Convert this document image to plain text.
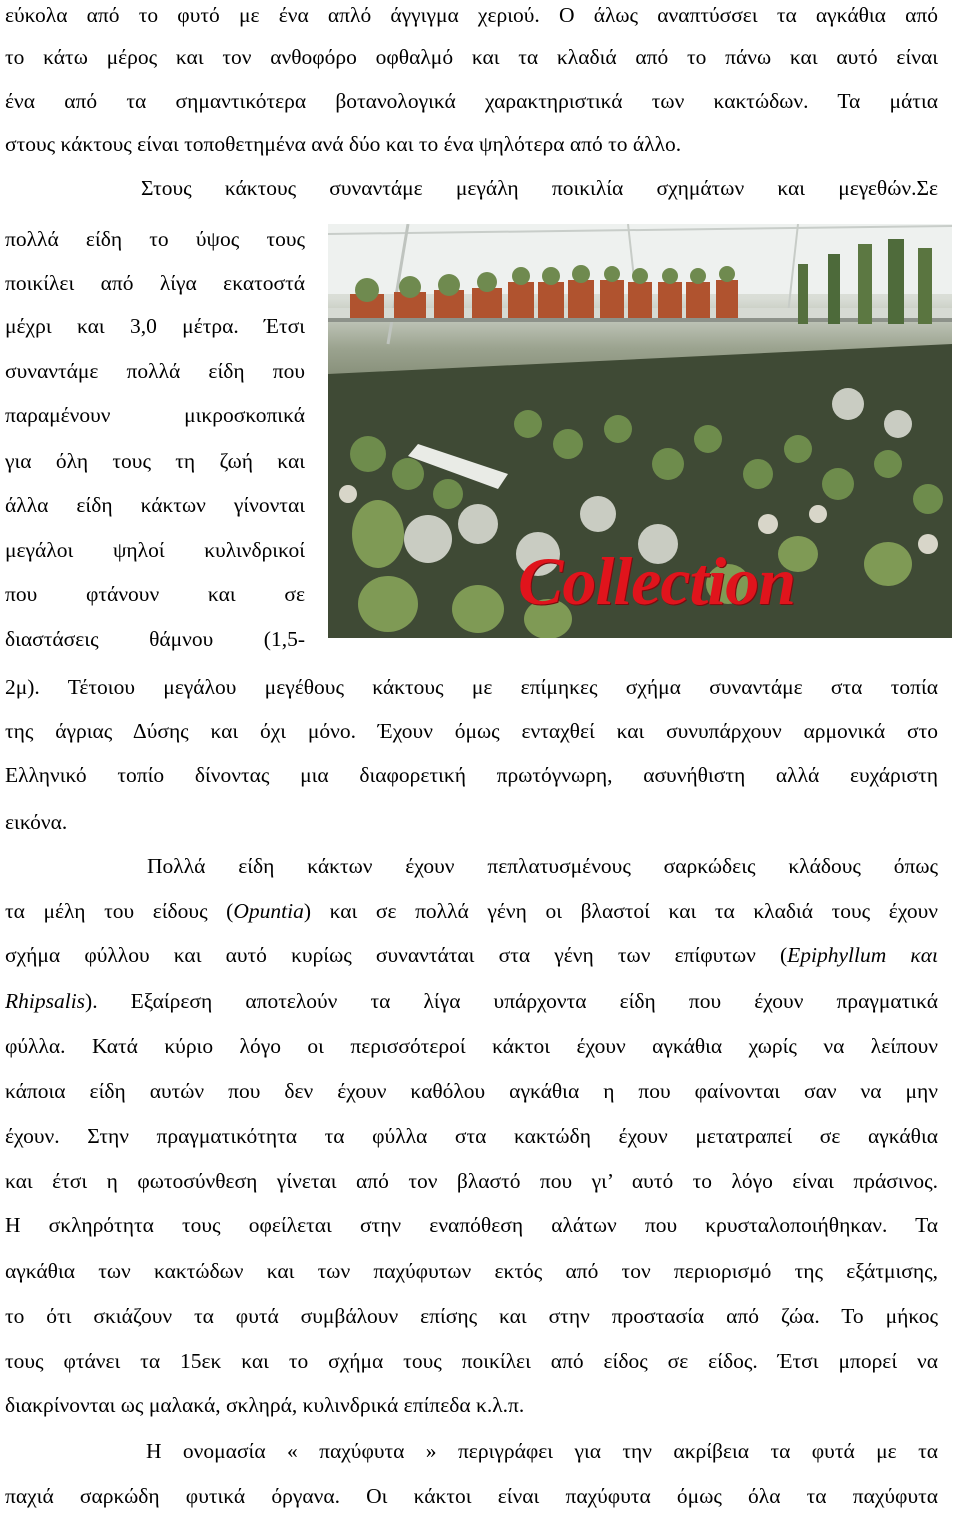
εύκολα από το φυτό με ένα απλό άγγιγμα χεριού. Ο άλως αναπτύσσει τα αγκάθια από
το κάτω μέρος και τον ανθοφόρο οφθαλμό και τα κλαδιά από το πάνω και αυτό είναι
ένα από τα σημαντικότερα βοτανολογικά χαρακτηριστικά των κακτώδων. Τα μάτια
στους κάκτους είναι τοποθετημένα ανά δύο και το ένα ψηλότερα από το άλλο.
Στους κάκτους συναντάμε μεγάλη ποικιλία σχημάτων και μεγεθών.Σε
πολλά είδη το ύψος τους
ποικίλει από λίγα εκατοστά
μέχρι και 3,0 μέτρα. Έτσι
συναντάμε πολλά είδη που
παραμένουν μικροσκοπικά
για όλη τους τη ζωή και
άλλα είδη κάκτων γίνονται
μεγάλοι ψηλοί κυλινδρικοί
που φτάνουν και σε
διαστάσεις θάμνου (1,5-
Collection
2μ). Τέτοιου μεγάλου μεγέθους κάκτους με επίμηκες σχήμα συναντάμε στα τοπία
της άγριας Δύσης και όχι μόνο. Έχουν όμως ενταχθεί και συνυπάρχουν αρμονικά στο
Ελληνικό τοπίο δίνοντας μια διαφορετική πρωτόγνωρη, ασυνήθιστη αλλά ευχάριστη
εικόνα.
Πολλά είδη κάκτων έχουν πεπλατυσμένους σαρκώδεις κλάδους όπως
τα μέλη του είδους (Opuntia) και σε πολλά γένη οι βλαστοί και τα κλαδιά τους έχουν
σχήμα φύλλου και αυτό κυρίως συναντάται στα γένη των επίφυτων (Epiphyllum και
Rhipsalis). Εξαίρεση αποτελούν τα λίγα υπάρχοντα είδη που έχουν πραγματικά
φύλλα. Κατά κύριο λόγο οι περισσότεροί κάκτοι έχουν αγκάθια χωρίς να λείπουν
κάποια είδη αυτών που δεν έχουν καθόλου αγκάθια η που φαίνονται σαν να μην
έχουν. Στην πραγματικότητα τα φύλλα στα κακτώδη έχουν μετατραπεί σε αγκάθια
και έτσι η φωτοσύνθεση γίνεται από τον βλαστό που γι’ αυτό το λόγο είναι πράσινος.
Η σκληρότητα τους οφείλεται στην εναπόθεση αλάτων που κρυσταλοποιήθηκαν. Τα
αγκάθια των κακτώδων και των παχύφυτων εκτός από τον περιορισμό της εξάτμισης,
το ότι σκιάζουν τα φυτά συμβάλουν επίσης και στην προστασία από ζώα. Το μήκος
τους φτάνει τα 15εκ και το σχήμα τους ποικίλει από είδος σε είδος. Έτσι μπορεί να
διακρίνονται ως μαλακά, σκληρά, κυλινδρικά επίπεδα κ.λ.π.
Η ονομασία « παχύφυτα » περιγράφει για την ακρίβεια τα φυτά με τα
παχιά σαρκώδη φυτικά όργανα. Οι κάκτοι είναι παχύφυτα όμως όλα τα παχύφυτα
